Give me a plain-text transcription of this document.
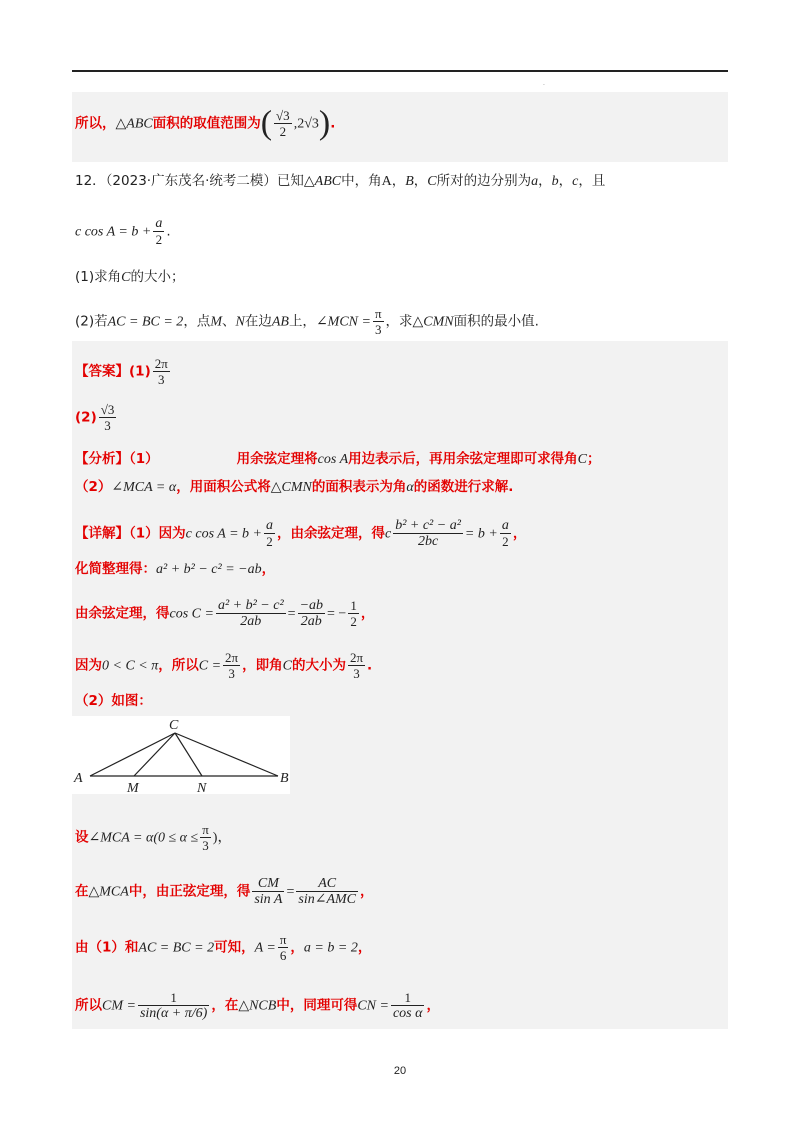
.
所以，△ABC面积的取值范围为( $\frac{√3}{2} ,2√3$).
12．（2023·广东茂名·统考二模）已知△ABC中，角A，B，C所对的边分别为a，b，c，且
c $\cos A = b + \frac{a}{2}$ .
(1)求角C的大小；
(2)若AC = BC = 2，点M、N在边AB上，∠MCN = $\frac{\pi}{3}$ ，求△CMN面积的最小值.
【答案】$(1) \frac{2\pi}{3}$
$(2) \frac{√3}{3}$
【分析】（1）	用余弦定理将cos A用边表示后，再用余弦定理即可求得角C；
（2）∠MCA = α，用面积公式将△CMN的面积表示为角α的函数进行求解.
【详解】（1）因为c $\cos A = b + \frac{a}{2}$ ，由余弦定理，得c $\frac{\text{b² + c² − a²}}{2bc} = b + \frac{a}{2}$ ，
化简整理得：a² + b² − c² = −ab，
由余弦定理，得$\cos C = \frac{\text{a² + b² − c²}}{2ab} = \frac{-ab}{2ab}$ = − $\frac{1}{2}$ ，
因为0 < C < π，所以$C = \frac{2\pi}{3}$ ，即角C的大小为 $\frac{2\pi}{3}$ .
（2）如图：
C
A	B
M	N
设∠MCA = $\alpha(0 \le \alpha \le \frac{\pi}{3}$ )，
在△MCA中，由正弦定理，得 $\frac{CM}{\text{sin A}} = \frac{AC}{\text{sin∠AMC}}$ ，
由（1）和AC = BC = 2可知，$A = \frac{\pi}{6}$ ，a = b = 2，
所以CM = $\frac{1}{\sin(\alpha + \pi/6)}$ ，在△NCB中，同理可得CN = $\frac{1}{\text{cos α}}$ ，
20
